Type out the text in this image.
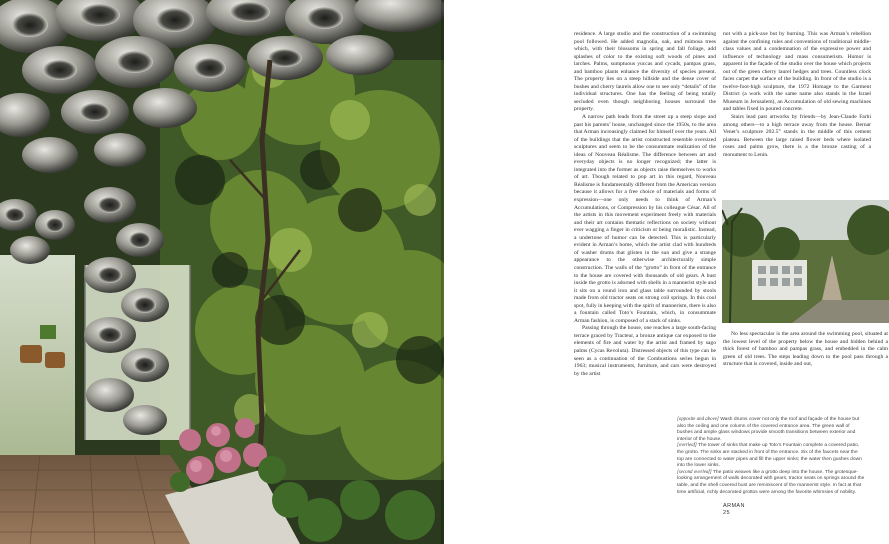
residence. A large studio and the construction of a swimming pool followed. He added magnolia, oak, and mimosa trees which, with their blossoms in spring and fall foliage, add splashes of color to the existing soft woods of pines and larches. Palms, sumptuous yuccas and cycads, pampas grass, and bamboo plants enhance the diversity of species present. The property lies on a steep hillside and the dense cover of bushes and cherry laurels allow one to see only “details” of the individual structures. One has the feeling of being totally secluded even though neighboring houses surround the property.

A narrow path leads from the street up a steep slope and past his parents’ house, unchanged since the 1950s, to the area that Arman increasingly claimed for himself over the years. All of the buildings that the artist constructed resemble oversized sculptures and seem to be the consummate realization of the ideas of Nouveau Réalisme. The difference between art and everyday objects is no longer recognized; the latter is integrated into the former as objects raise themselves to works of art. Though related to pop art in this regard, Nouveau Réalisme is fundamentally different from the American version because it allows for a free choice of materials and forms of expression—one only needs to think of Arman’s Accumulations, or Compression by his colleague César. All of the artists in this movement experiment freely with materials and their art contains thematic reflections on society without ever wagging a finger in criticism or being moralistic. Instead, a undertone of humor can be detected. This is particularly evident in Arman’s home, which the artist clad with hundreds of washer drums that glisten in the sun and give a strange appearance to the otherwise architecturally simple construction. The walls of the “grotto” in front of the entrance to the house are covered with thousands of old gears. A bust inside the grotto is adorned with shells in a mannerist style and it sits on a round iron and glass table surrounded by stools made from old tractor seats on strong coil springs. In this cool spot, fully in keeping with the spirit of mannerism, there is also a fountain called Toto’s Fountain, which, in consummate Arman fashion, is composed of a stack of sinks.

Passing through the house, one reaches a large south-facing terrace graced by Tracteur, a bronze antique car exposed to the elements of fire and water by the artist and framed by sago palms (Cycas Revoluta). Distressed objects of this type can be seen as a continuation of the Combustions series begun in 1963; musical instruments, furniture, and cars were destroyed by the artist

not with a pick-axe but by burning. This was Arman’s rebellion against the confining rules and conventions of traditional middle-class values and a condemnation of the expressive power and influence of technology and mass consumerism. Humor is apparent in the façade of the studio over the house which projects out of the green cherry laurel hedges and trees. Countless clock faces carpet the surface of the building. In front of the studio is a twelve-foot-high sculpture, the 1972 Homage to the Garment District (a work with the same name also stands in the Israel Museum in Jerusalem), an Accumulation of old sewing machines and tables fixed in poured concrete.

Stairs lead past artworks by friends—by Jean-Claude Farhi among others—to a high terrace away from the house. Bernar Venet’s sculpture 202.5° stands in the middle of this cement plateau. Between the large raised flower beds where isolated roses and palms grow, there is a the bronze casting of a monument to Lenin.

No less spectacular is the area around the swimming pool, situated at the lowest level of the property below the house and hidden behind a thick forest of bamboo and pampas grass, and embedded in the calm green of old trees. The steps leading down to the pool pass through a structure that is covered, inside and out,

[opposite and above] Wash drums cover not only the roof and façade of the house but also the ceiling and one column of the covered entrance area. The green wall of bushes and ample glass windows provide smooth transitions between exterior and interior of the house.

[overleaf] The tower of sinks that make up Toto’s Fountain complete a covered patio, the grotto. The sinks are stacked in front of the entrance. Six of the faucets near the top are connected to water pipes and fill the upper sinks; the water then gushes down into the lower sinks.

[second overleaf] The patio weaves like a grotto deep into the house. The grotesque-looking arrangement of walls decorated with gears, tractor seats on springs around the table, and the shell covered bust are reminiscent of the mannerist style. In fact at that time artificial, richly decorated grottos were among the favorite whimsies of nobility.

ARMAN
25
